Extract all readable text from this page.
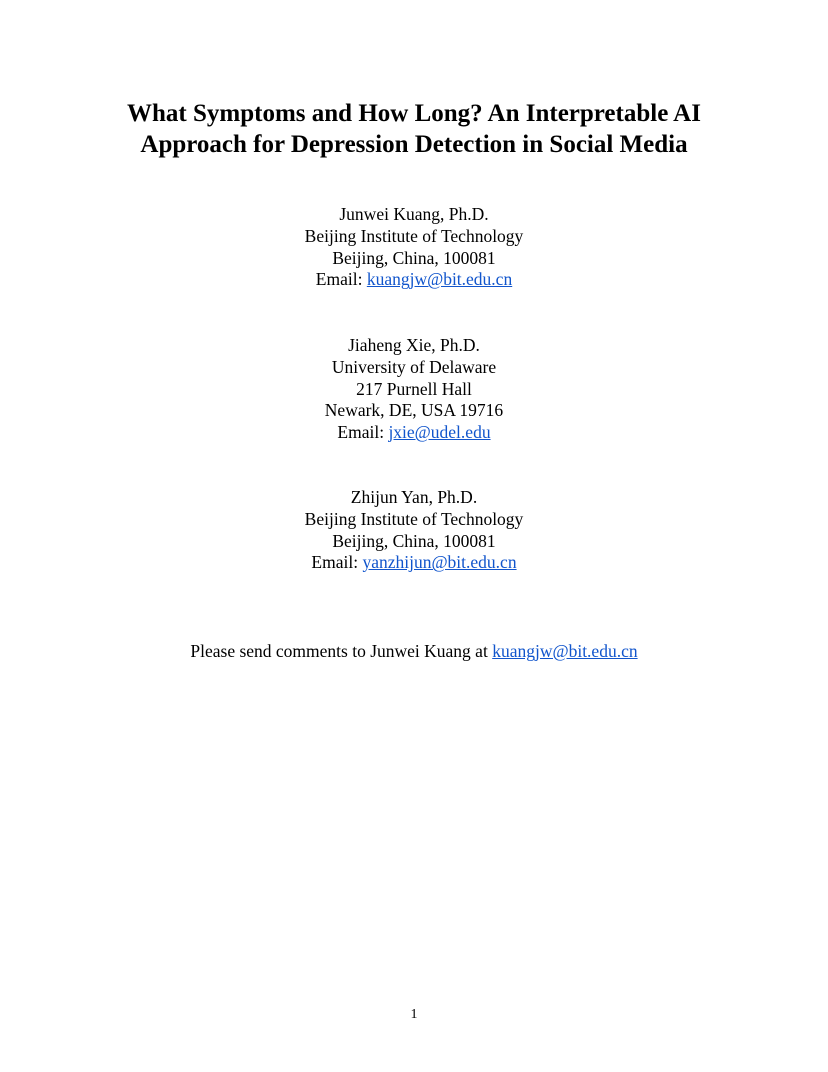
What Symptoms and How Long? An Interpretable AI
Approach for Depression Detection in Social Media
Junwei Kuang, Ph.D.
Beijing Institute of Technology
Beijing, China, 100081
Email: kuangjw@bit.edu.cn
Jiaheng Xie, Ph.D.
University of Delaware
217 Purnell Hall
Newark, DE, USA 19716
Email: jxie@udel.edu
Zhijun Yan, Ph.D.
Beijing Institute of Technology
Beijing, China, 100081
Email: yanzhijun@bit.edu.cn
Please send comments to Junwei Kuang at kuangjw@bit.edu.cn
1
